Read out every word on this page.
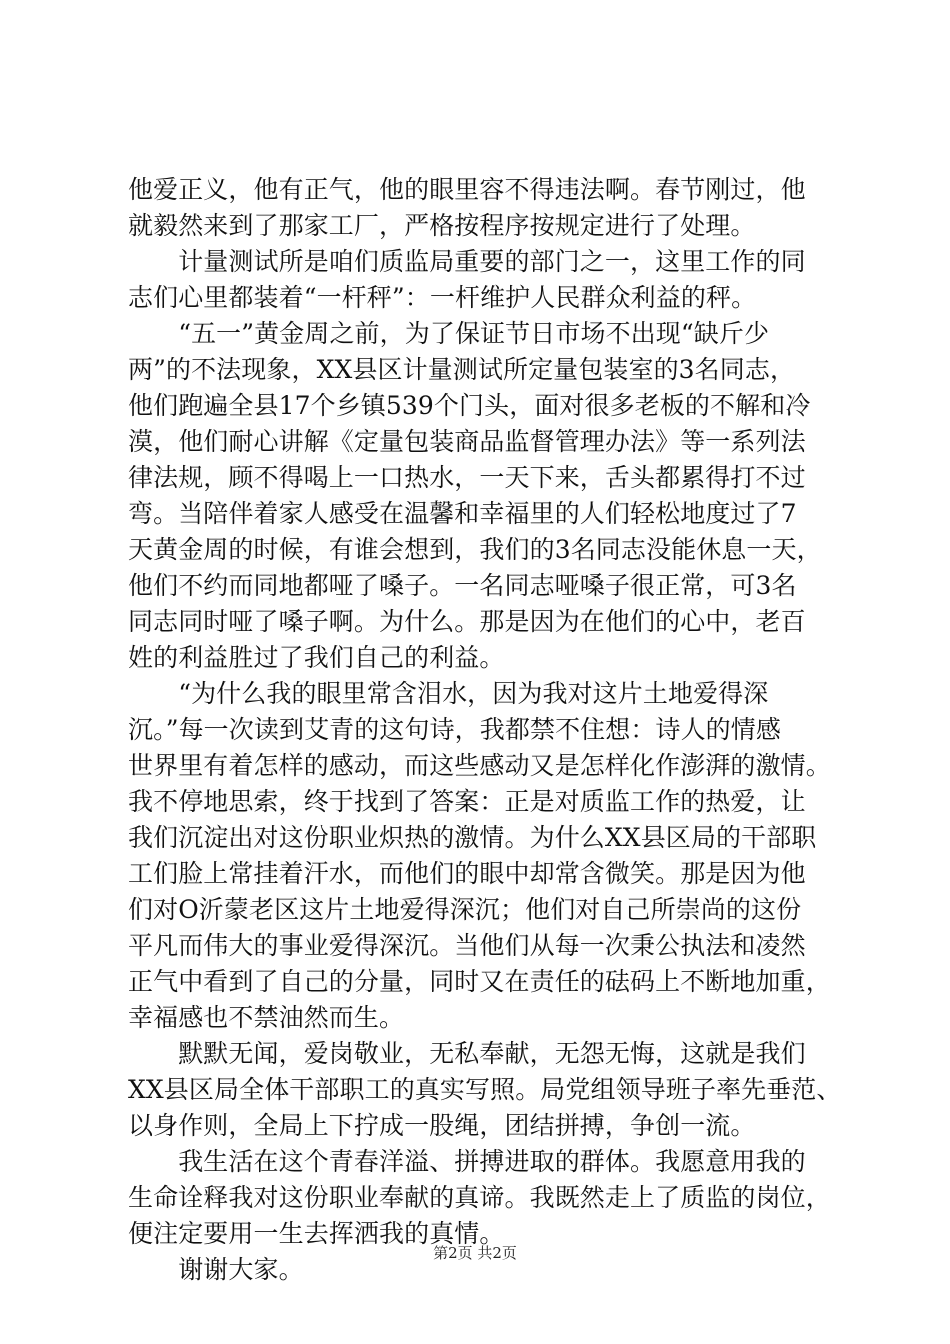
他爱正义，他有正气，他的眼里容不得违法啊。春节刚过，他
就毅然来到了那家工厂，严格按程序按规定进行了处理。
　　计量测试所是咱们质监局重要的部门之一，这里工作的同
志们心里都装着“一杆秤”：一杆维护人民群众利益的秤。
　　“五一”黄金周之前，为了保证节日市场不出现“缺斤少
两”的不法现象，XX县区计量测试所定量包装室的3名同志，
他们跑遍全县17个乡镇539个门头，面对很多老板的不解和冷
漠，他们耐心讲解《定量包装商品监督管理办法》等一系列法
律法规，顾不得喝上一口热水，一天下来，舌头都累得打不过
弯。当陪伴着家人感受在温馨和幸福里的人们轻松地度过了7
天黄金周的时候，有谁会想到，我们的3名同志没能休息一天，
他们不约而同地都哑了嗓子。一名同志哑嗓子很正常，可3名
同志同时哑了嗓子啊。为什么。那是因为在他们的心中，老百
姓的利益胜过了我们自己的利益。
　　“为什么我的眼里常含泪水，因为我对这片土地爱得深
沉。”每一次读到艾青的这句诗，我都禁不住想：诗人的情感
世界里有着怎样的感动，而这些感动又是怎样化作澎湃的激情。
我不停地思索，终于找到了答案：正是对质监工作的热爱，让
我们沉淀出对这份职业炽热的激情。为什么XX县区局的干部职
工们脸上常挂着汗水，而他们的眼中却常含微笑。那是因为他
们对O沂蒙老区这片土地爱得深沉；他们对自己所崇尚的这份
平凡而伟大的事业爱得深沉。当他们从每一次秉公执法和凌然
正气中看到了自己的分量，同时又在责任的砝码上不断地加重，
幸福感也不禁油然而生。
　　默默无闻，爱岗敬业，无私奉献，无怨无悔，这就是我们
XX县区局全体干部职工的真实写照。局党组领导班子率先垂范、
以身作则，全局上下拧成一股绳，团结拼搏，争创一流。
　　我生活在这个青春洋溢、拼搏进取的群体。我愿意用我的
生命诠释我对这份职业奉献的真谛。我既然走上了质监的岗位，
便注定要用一生去挥洒我的真情。
　　谢谢大家。
第2页 共2页
